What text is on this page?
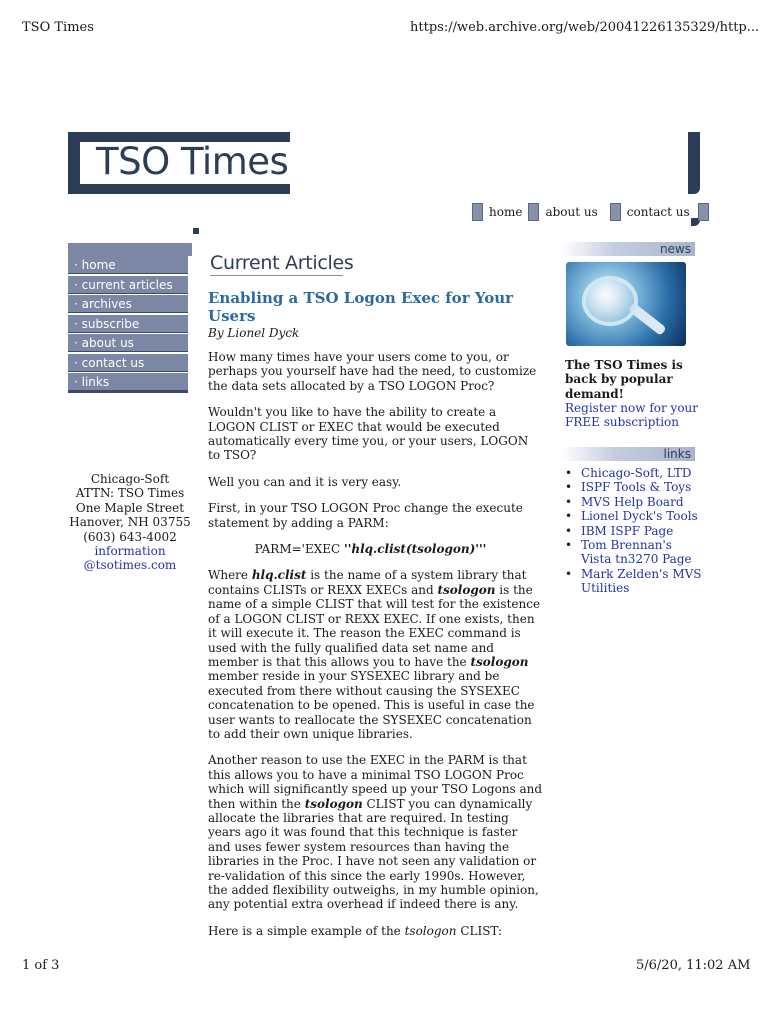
TSO Times	https://web.archive.org/web/20041226135329/http...
1 of 3	5/6/20, 11:02 AM
TSO Times
home about us contact us
· home
· current articles
· archives
· subscribe
· about us
· contact us
· links
Chicago-Soft
ATTN: TSO Times
One Maple Street
Hanover, NH 03755
(603) 643-4002
information
@tsotimes.com
Current Articles
Enabling a TSO Logon Exec for Your Users
By Lionel Dyck

How many times have your users come to you, or perhaps you yourself have had the need, to customize the data sets allocated by a TSO LOGON Proc?

Wouldn't you like to have the ability to create a LOGON CLIST or EXEC that would be executed automatically every time you, or your users, LOGON to TSO?

Well you can and it is very easy.

First, in your TSO LOGON Proc change the execute statement by adding a PARM:

PARM='EXEC ''hlq.clist(tsologon)'''

Where hlq.clist is the name of a system library that contains CLISTs or REXX EXECs and tsologon is the name of a simple CLIST that will test for the existence of a LOGON CLIST or REXX EXEC. If one exists, then it will execute it. The reason the EXEC command is used with the fully qualified data set name and member is that this allows you to have the tsologon member reside in your SYSEXEC library and be executed from there without causing the SYSEXEC concatenation to be opened. This is useful in case the user wants to reallocate the SYSEXEC concatenation to add their own unique libraries.

Another reason to use the EXEC in the PARM is that this allows you to have a minimal TSO LOGON Proc which will significantly speed up your TSO Logons and then within the tsologon CLIST you can dynamically allocate the libraries that are required. In testing years ago it was found that this technique is faster and uses fewer system resources than having the libraries in the Proc. I have not seen any validation or re-validation of this since the early 1990s. However, the added flexibility outweighs, in my humble opinion, any potential extra overhead if indeed there is any.

Here is a simple example of the tsologon CLIST:

news
The TSO Times is back by popular demand!
Register now for your FREE subscription
links
• Chicago-Soft, LTD
• ISPF Tools & Toys
• MVS Help Board
• Lionel Dyck's Tools
• IBM ISPF Page
• Tom Brennan's Vista tn3270 Page
• Mark Zelden's MVS Utilities
